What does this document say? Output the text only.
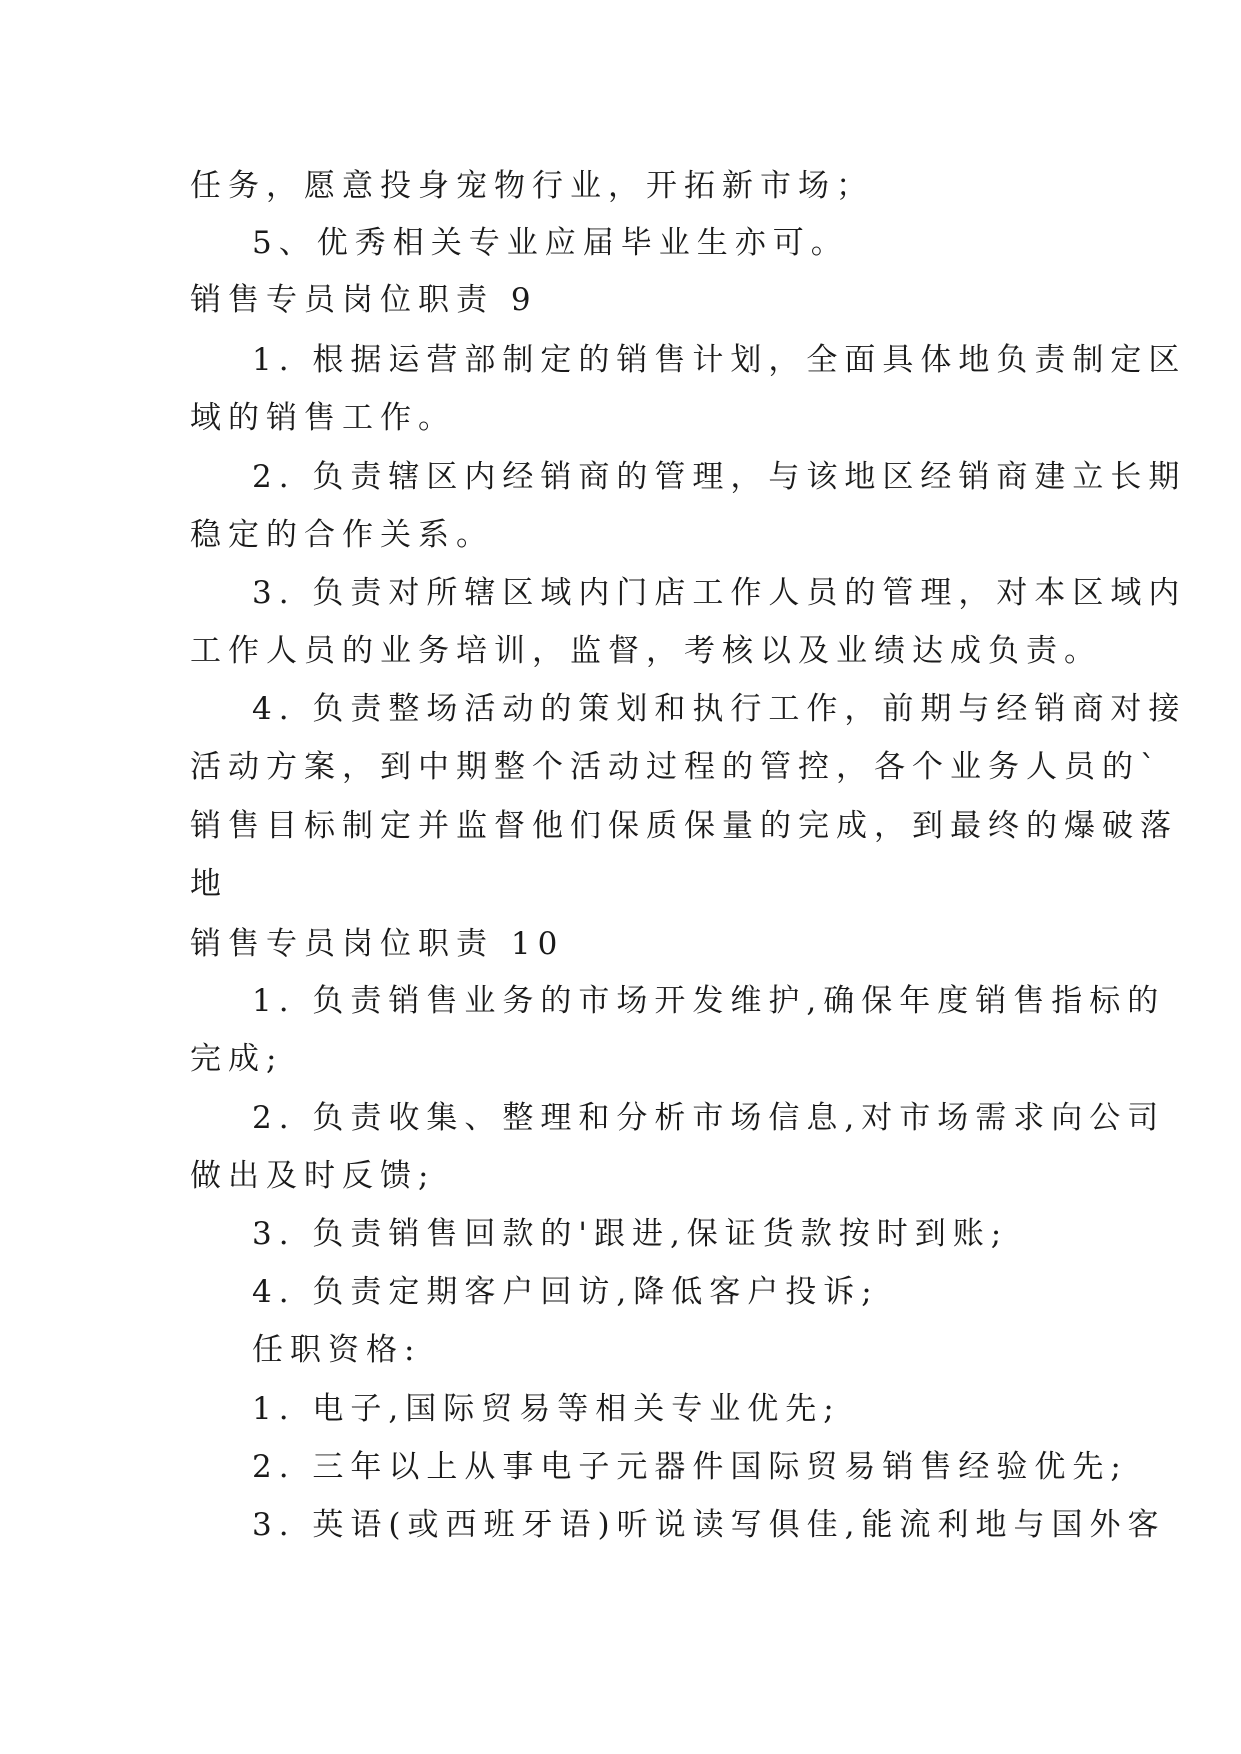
任务，愿意投身宠物行业，开拓新市场；
5、优秀相关专业应届毕业生亦可。
销售专员岗位职责 9
1. 根据运营部制定的销售计划，全面具体地负责制定区
域的销售工作。
2. 负责辖区内经销商的管理，与该地区经销商建立长期
稳定的合作关系。
3. 负责对所辖区域内门店工作人员的管理，对本区域内
工作人员的业务培训，监督，考核以及业绩达成负责。
4. 负责整场活动的策划和执行工作，前期与经销商对接
活动方案，到中期整个活动过程的管控，各个业务人员的`
销售目标制定并监督他们保质保量的完成，到最终的爆破落
地
销售专员岗位职责 10
1. 负责销售业务的市场开发维护,确保年度销售指标的
完成;
2. 负责收集、整理和分析市场信息,对市场需求向公司
做出及时反馈;
3. 负责销售回款的'跟进,保证货款按时到账;
4. 负责定期客户回访,降低客户投诉;
任职资格:
1. 电子,国际贸易等相关专业优先;
2. 三年以上从事电子元器件国际贸易销售经验优先;
3. 英语(或西班牙语)听说读写俱佳,能流利地与国外客
